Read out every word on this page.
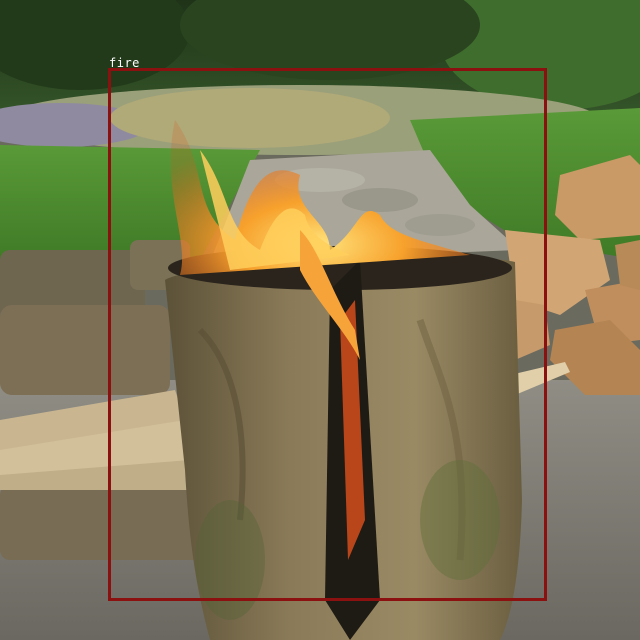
fire
